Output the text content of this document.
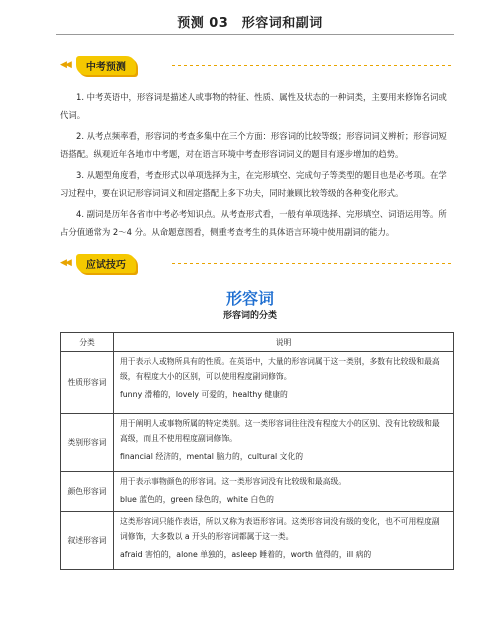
预测 03　形容词和副词
◀◀	中考预测

1. 中考英语中，形容词是描述人或事物的特征、性质、属性及状态的一种词类，主要用来修饰名词或代词。

2. 从考点频率看，形容词的考查多集中在三个方面：形容词的比较等级；形容词词义辨析；形容词短语搭配。纵观近年各地市中考题，对在语言环境中考查形容词词义的题目有逐步增加的趋势。

3. 从题型角度看，考查形式以单项选择为主，在完形填空、完成句子等类型的题目也是必考项。在学习过程中，要在识记形容词词义和固定搭配上多下功夫，同时兼顾比较等级的各种变化形式。

4. 副词是历年各省市中考必考知识点。从考查形式看，一般有单项选择、完形填空、词语运用等。所占分值通常为 2～4 分。从命题意图看，侧重考查考生的具体语言环境中使用副词的能力。

◀◀	应试技巧
形容词
形容词的分类
分类	说明
性质形容词	用于表示人或物所具有的性质。在英语中，大量的形容词属于这一类别，多数有比较级和最高级，有程度大小的区别，可以使用程度副词修饰。
funny 滑稽的，lovely 可爱的，healthy 健康的

类别形容词	用于阐明人或事物所属的特定类别。这一类形容词往往没有程度大小的区别、没有比较级和最高级，而且不使用程度副词修饰。
financial 经济的，mental 脑力的，cultural 文化的

颜色形容词	用于表示事物颜色的形容词。这一类形容词没有比较级和最高级。
blue 蓝色的，green 绿色的，white 白色的

叙述形容词	这类形容词只能作表语，所以又称为表语形容词。这类形容词没有级的变化，也不可用程度副词修饰，大多数以 a 开头的形容词都属于这一类。
afraid 害怕的，alone 单独的，asleep 睡着的，worth 值得的，ill 病的
